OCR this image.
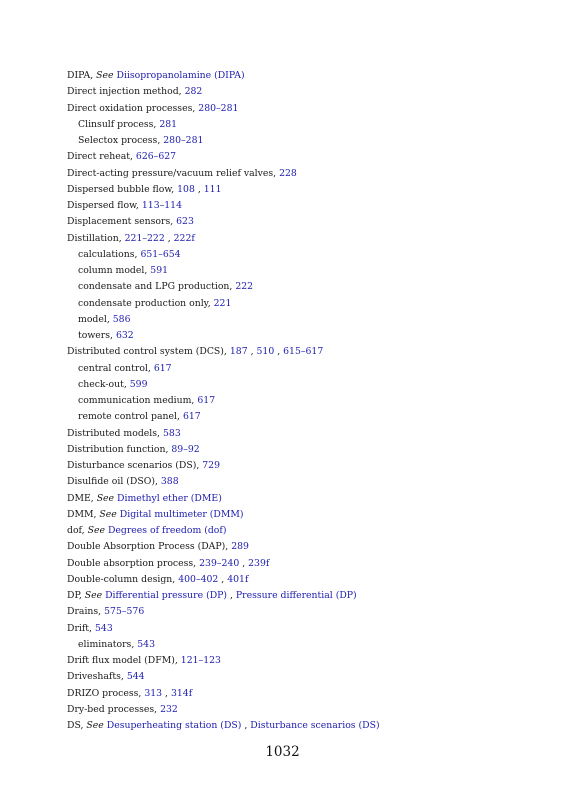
DIPA, See Diisopropanolamine (DIPA)
Direct injection method, 282
Direct oxidation processes, 280–281
Clinsulf process, 281
Selectox process, 280–281
Direct reheat, 626–627
Direct-acting pressure/vacuum relief valves, 228
Dispersed bubble flow, 108 , 111
Dispersed flow, 113–114
Displacement sensors, 623
Distillation, 221–222 , 222f
calculations, 651–654
column model, 591
condensate and LPG production, 222
condensate production only, 221
model, 586
towers, 632
Distributed control system (DCS), 187 , 510 , 615–617
central control, 617
check-out, 599
communication medium, 617
remote control panel, 617
Distributed models, 583
Distribution function, 89–92
Disturbance scenarios (DS), 729
Disulfide oil (DSO), 388
DME, See Dimethyl ether (DME)
DMM, See Digital multimeter (DMM)
dof, See Degrees of freedom (dof)
Double Absorption Process (DAP), 289
Double absorption process, 239–240 , 239f
Double-column design, 400–402 , 401f
DP, See Differential pressure (DP) , Pressure differential (DP)
Drains, 575–576
Drift, 543
eliminators, 543
Drift flux model (DFM), 121–123
Driveshafts, 544
DRIZO process, 313 , 314f
Dry-bed processes, 232
DS, See Desuperheating station (DS) , Disturbance scenarios (DS)
1032
